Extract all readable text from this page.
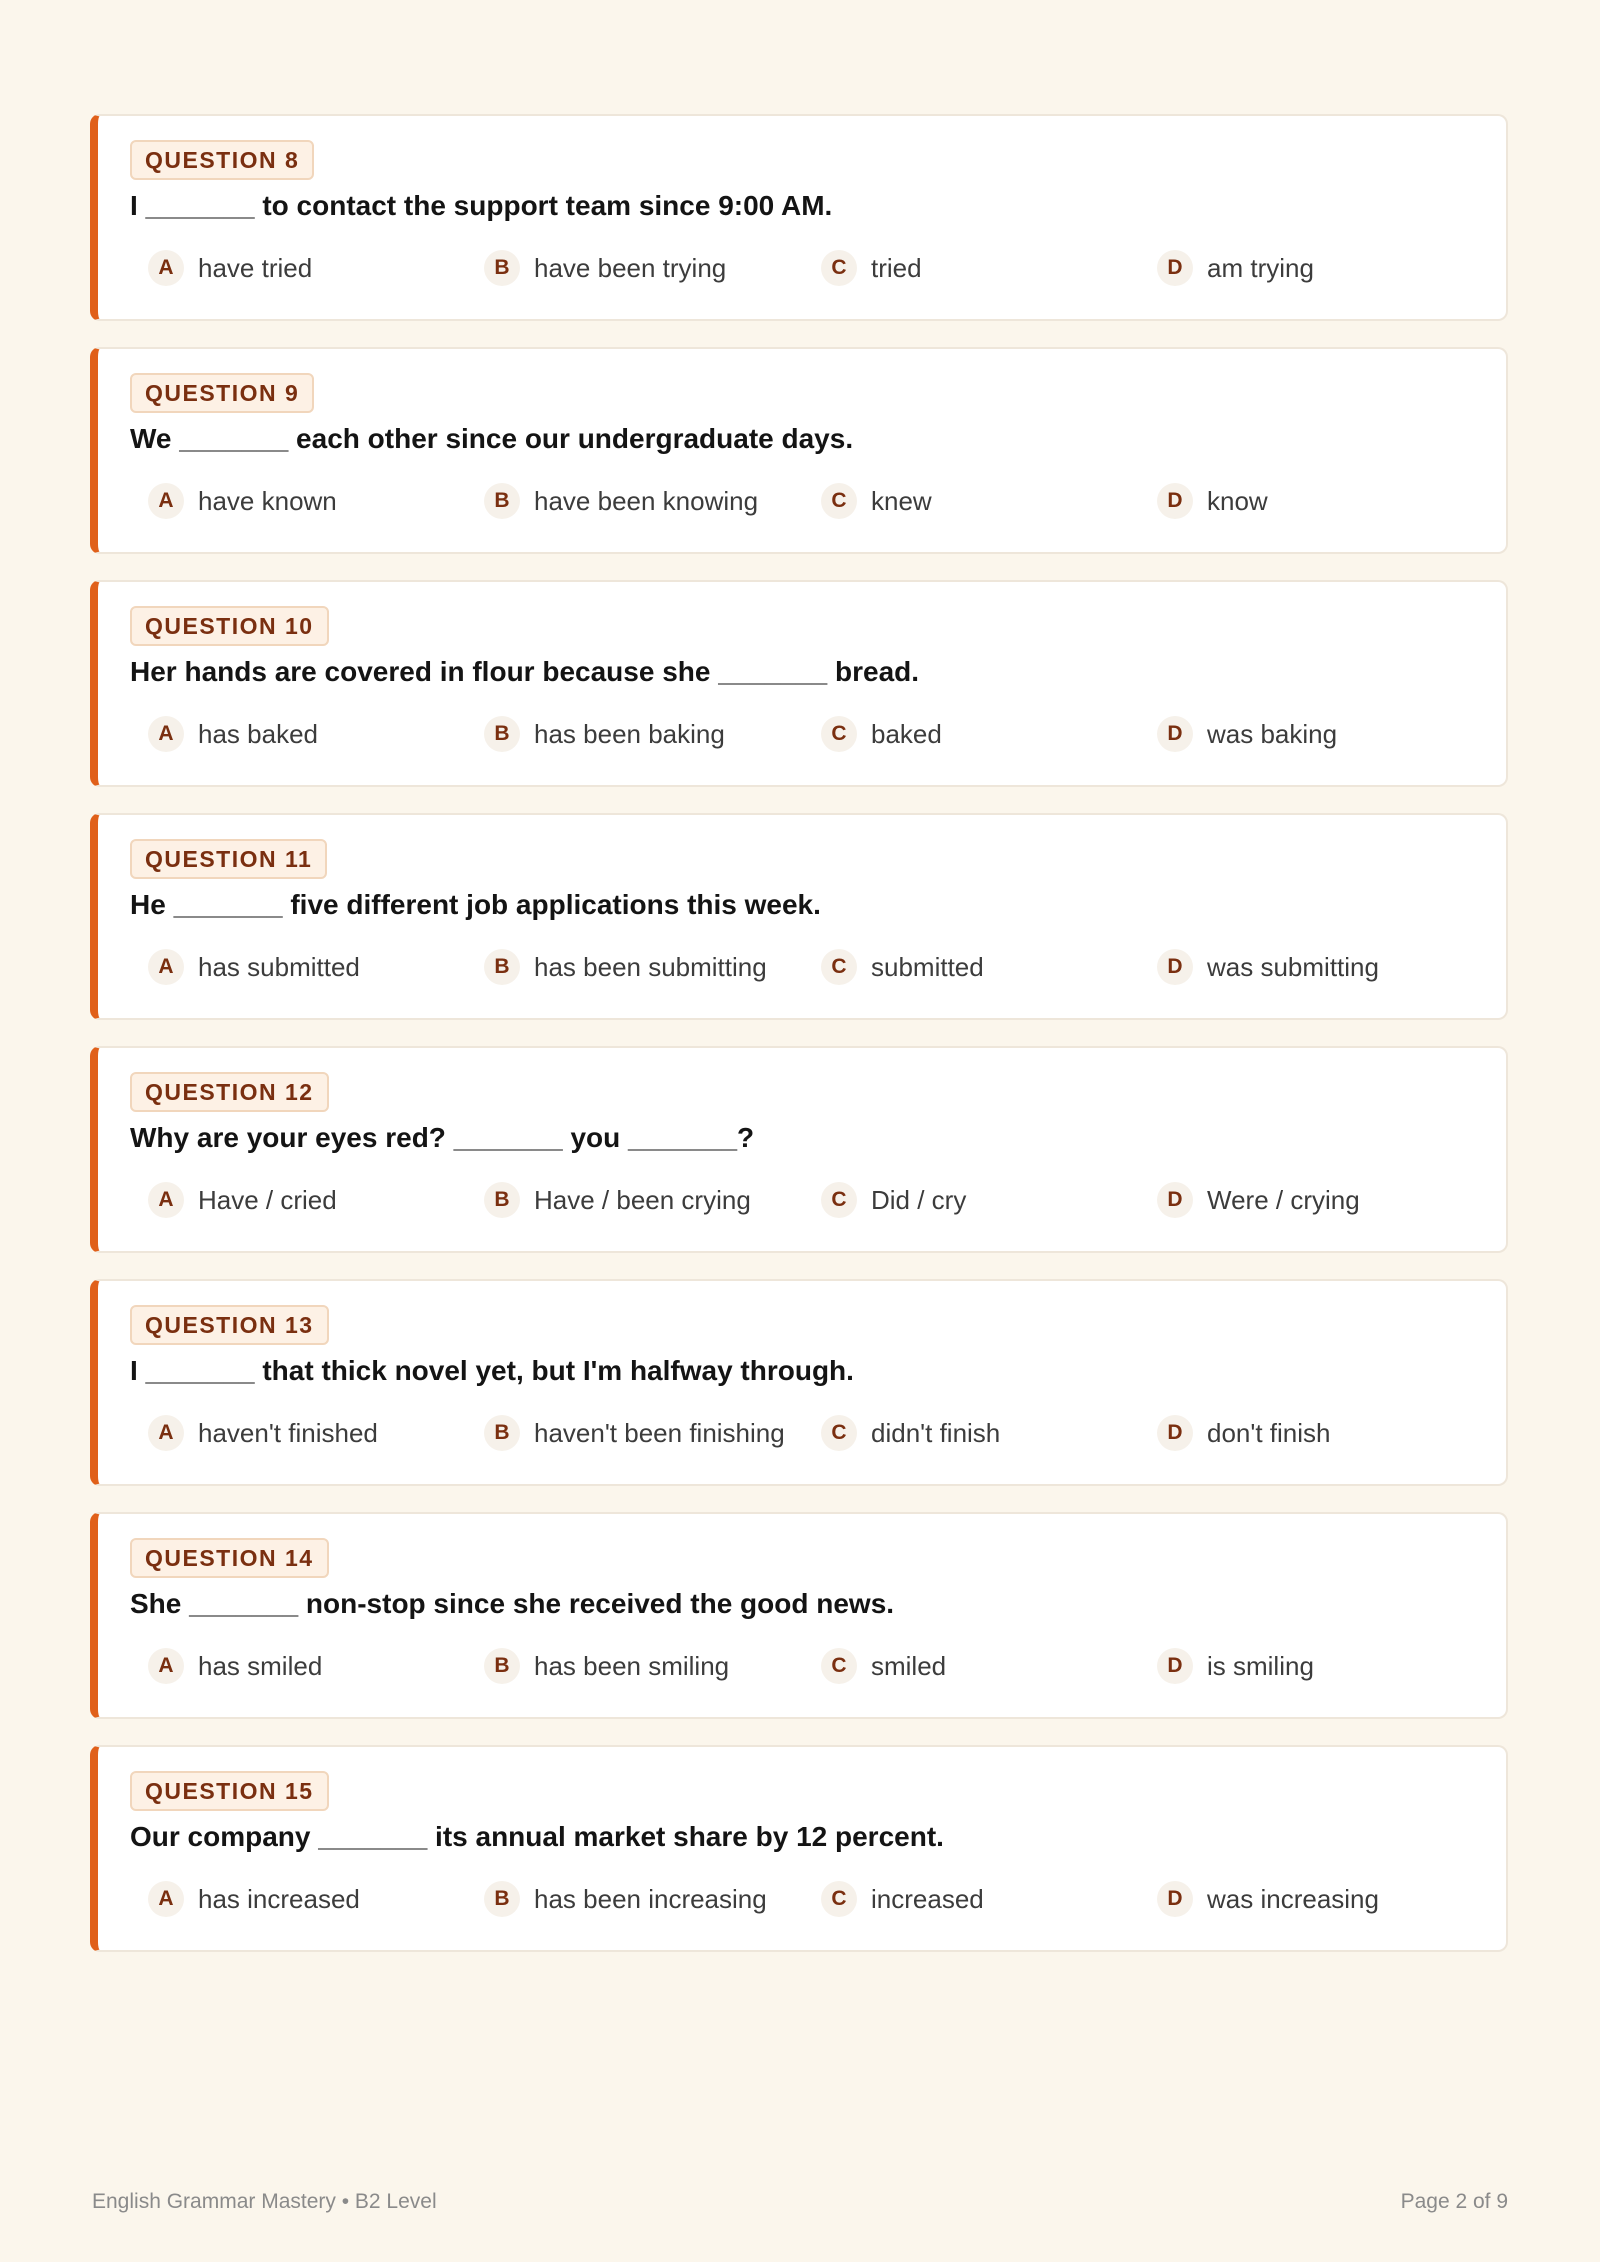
QUESTION 8
I _______ to contact the support team since 9:00 AM.
A have tried	B have been trying	C tried	D am trying
QUESTION 9
We _______ each other since our undergraduate days.
A have known	B have been knowing	C knew	D know
QUESTION 10
Her hands are covered in flour because she _______ bread.
A has baked	B has been baking	C baked	D was baking
QUESTION 11
He _______ five different job applications this week.
A has submitted	B has been submitting	C submitted	D was submitting
QUESTION 12
Why are your eyes red? _______ you _______?
A Have / cried	B Have / been crying	C Did / cry	D Were / crying
QUESTION 13
I _______ that thick novel yet, but I'm halfway through.
A haven't finished	B haven't been finishing	C didn't finish	D don't finish
QUESTION 14
She _______ non-stop since she received the good news.
A has smiled	B has been smiling	C smiled	D is smiling
QUESTION 15
Our company _______ its annual market share by 12 percent.
A has increased	B has been increasing	C increased	D was increasing
English Grammar Mastery • B2 Level	Page 2 of 9
